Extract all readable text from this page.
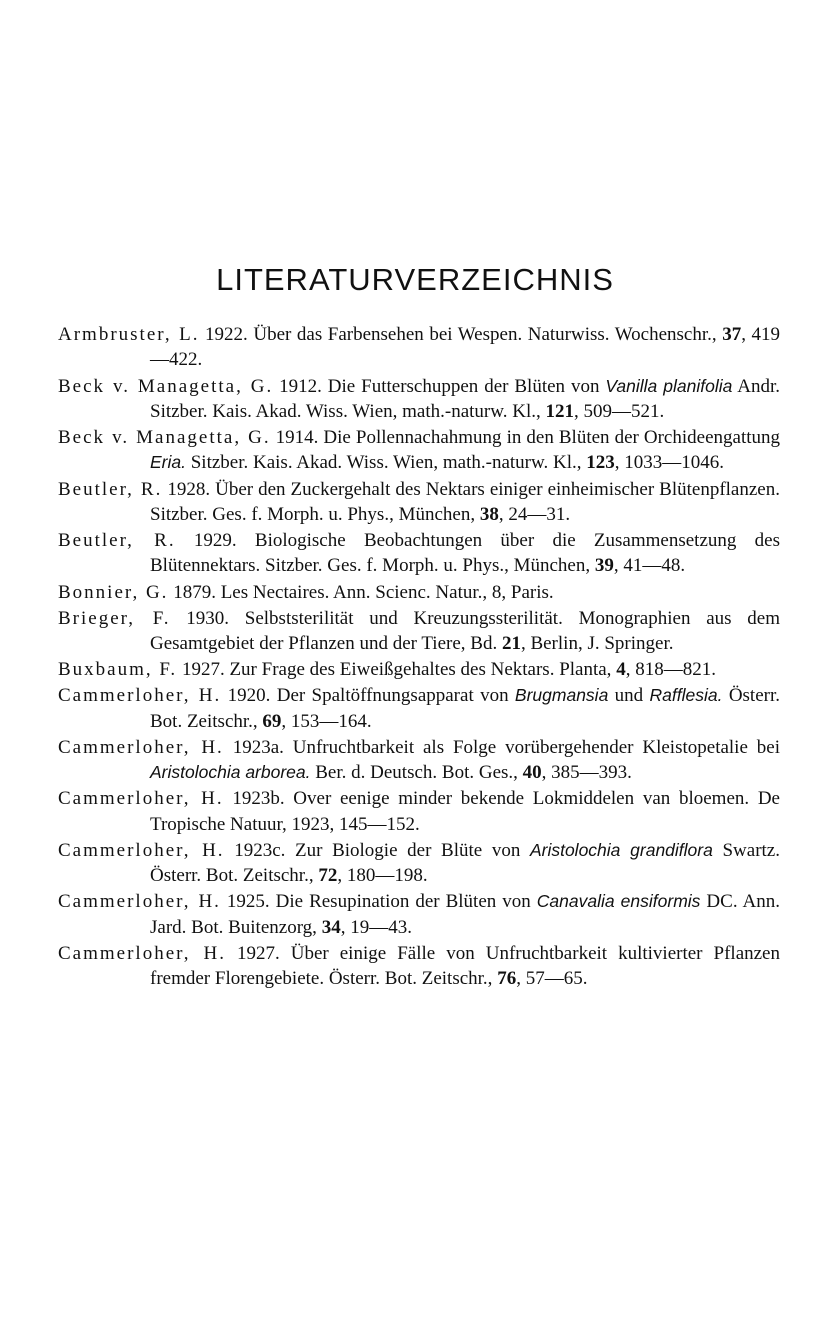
LITERATURVERZEICHNIS
Armbruster, L. 1922. Über das Farbensehen bei Wespen. Naturwiss. Wochenschr., 37, 419—422.
Beck v. Managetta, G. 1912. Die Futterschuppen der Blüten von Vanilla planifolia Andr. Sitzber. Kais. Akad. Wiss. Wien, math.-naturw. Kl., 121, 509—521.
Beck v. Managetta, G. 1914. Die Pollennachahmung in den Blüten der Orchideengattung Eria. Sitzber. Kais. Akad. Wiss. Wien, math.-naturw. Kl., 123, 1033—1046.
Beutler, R. 1928. Über den Zuckergehalt des Nektars einiger einheimischer Blütenpflanzen. Sitzber. Ges. f. Morph. u. Phys., München, 38, 24—31.
Beutler, R. 1929. Biologische Beobachtungen über die Zusammensetzung des Blütennektars. Sitzber. Ges. f. Morph. u. Phys., München, 39, 41—48.
Bonnier, G. 1879. Les Nectaires. Ann. Scienc. Natur., 8, Paris.
Brieger, F. 1930. Selbststerilität und Kreuzungssterilität. Monographien aus dem Gesamtgebiet der Pflanzen und der Tiere, Bd. 21, Berlin, J. Springer.
Buxbaum, F. 1927. Zur Frage des Eiweißgehaltes des Nektars. Planta, 4, 818—821.
Cammerloher, H. 1920. Der Spaltöffnungsapparat von Brugmansia und Rafflesia. Österr. Bot. Zeitschr., 69, 153—164.
Cammerloher, H. 1923a. Unfruchtbarkeit als Folge vorübergehender Kleistopetalie bei Aristolochia arborea. Ber. d. Deutsch. Bot. Ges., 40, 385—393.
Cammerloher, H. 1923b. Over eenige minder bekende Lokmiddelen van bloemen. De Tropische Natuur, 1923, 145—152.
Cammerloher, H. 1923c. Zur Biologie der Blüte von Aristolochia grandiflora Swartz. Österr. Bot. Zeitschr., 72, 180—198.
Cammerloher, H. 1925. Die Resupination der Blüten von Canavalia ensiformis DC. Ann. Jard. Bot. Buitenzorg, 34, 19—43.
Cammerloher, H. 1927. Über einige Fälle von Unfruchtbarkeit kultivierter Pflanzen fremder Florengebiete. Österr. Bot. Zeitschr., 76, 57—65.
